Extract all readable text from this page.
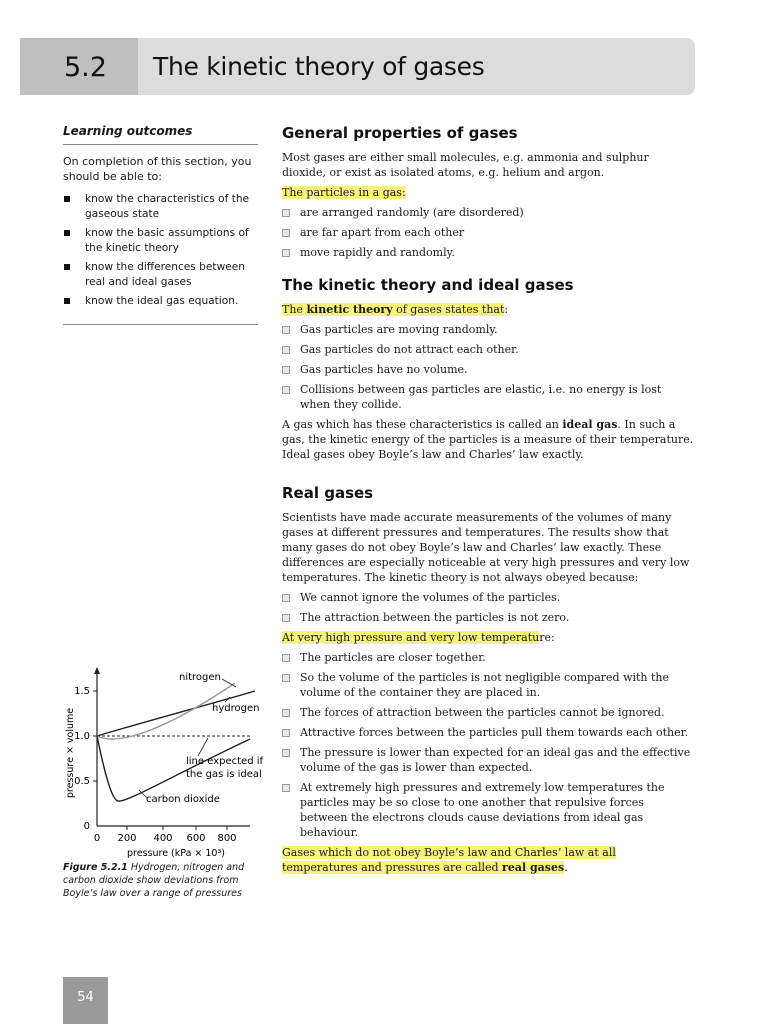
5.2 The kinetic theory of gases
Learning outcomes
On completion of this section, you should be able to:
know the characteristics of the gaseous state
know the basic assumptions of the kinetic theory
know the differences between real and ideal gases
know the ideal gas equation.
General properties of gases

Most gases are either small molecules, e.g. ammonia and sulphur dioxide, or exist as isolated atoms, e.g. helium and argon.

The particles in a gas:

are arranged randomly (are disordered)
are far apart from each other
move rapidly and randomly.
The kinetic theory and ideal gases

The kinetic theory of gases states that:

Gas particles are moving randomly.
Gas particles do not attract each other.
Gas particles have no volume.
Collisions between gas particles are elastic, i.e. no energy is lost when they collide.

A gas which has these characteristics is called an ideal gas. In such a gas, the kinetic energy of the particles is a measure of their temperature. Ideal gases obey Boyle’s law and Charles’ law exactly.

Real gases

Scientists have made accurate measurements of the volumes of many gases at different pressures and temperatures. The results show that many gases do not obey Boyle’s law and Charles’ law exactly. These differences are especially noticeable at very high pressures and very low temperatures. The kinetic theory is not always obeyed because:

We cannot ignore the volumes of the particles.
The attraction between the particles is not zero.

At very high pressure and very low temperature:

The particles are closer together.
So the volume of the particles is not negligible compared with the volume of the container they are placed in.
The forces of attraction between the particles cannot be ignored.
Attractive forces between the particles pull them towards each other.
The pressure is lower than expected for an ideal gas and the effective volume of the gas is lower than expected.
At extremely high pressures and extremely low temperatures the particles may be so close to one another that repulsive forces between the electrons clouds cause deviations from ideal gas behaviour.

Gases which do not obey Boyle’s law and Charles’ law at all temperatures and pressures are called real gases.

0
0.5
1.0
1.5
pressure × volume
0 200 400 600 800
pressure (kPa × 10³)
nitrogen
hydrogen
line expected if
the gas is ideal
carbon dioxide
Figure 5.2.1 Hydrogen, nitrogen and carbon dioxide show deviations from Boyle’s law over a range of pressures
54
